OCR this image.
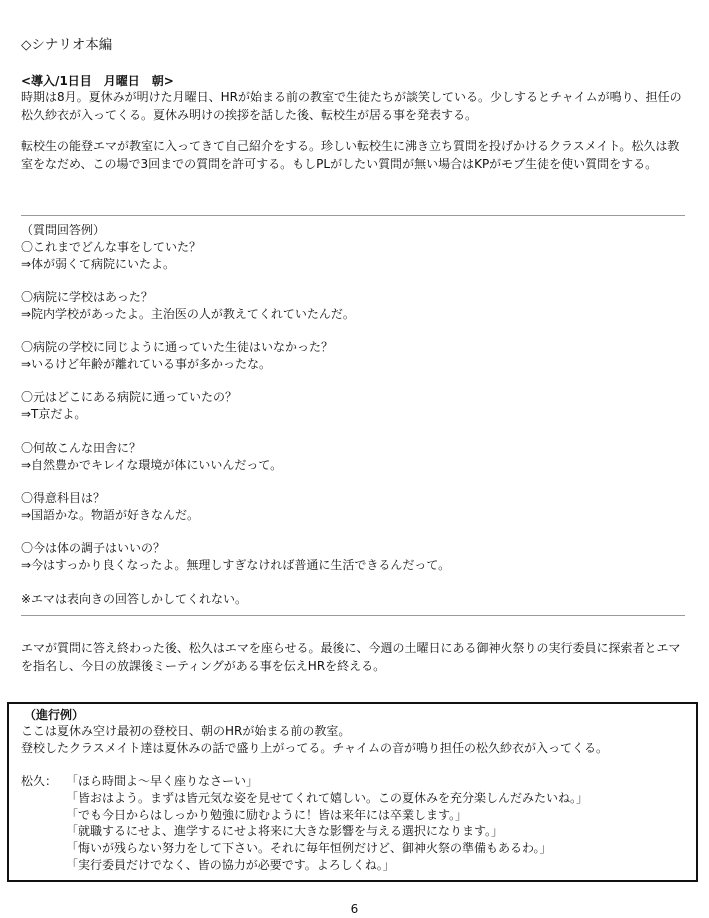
◇シナリオ本編
<導入/1日目　月曜日　朝>
時期は8月。夏休みが明けた月曜日、HRが始まる前の教室で生徒たちが談笑している。少しするとチャイムが鳴り、担任の松久紗衣が入ってくる。夏休み明けの挨拶を話した後、転校生が居る事を発表する。
転校生の能登エマが教室に入ってきて自己紹介をする。珍しい転校生に沸き立ち質問を投げかけるクラスメイト。松久は教室をなだめ、この場で3回までの質問を許可する。もしPLがしたい質問が無い場合はKPがモブ生徒を使い質問をする。
（質問回答例）
〇これまでどんな事をしていた？
⇒体が弱くて病院にいたよ。
〇病院に学校はあった？
⇒院内学校があったよ。主治医の人が教えてくれていたんだ。
〇病院の学校に同じように通っていた生徒はいなかった？
⇒いるけど年齢が離れている事が多かったな。
〇元はどこにある病院に通っていたの？
⇒T京だよ。
〇何故こんな田舎に？
⇒自然豊かでキレイな環境が体にいいんだって。
〇得意科目は？
⇒国語かな。物語が好きなんだ。
〇今は体の調子はいいの？
⇒今はすっかり良くなったよ。無理しすぎなければ普通に生活できるんだって。
※エマは表向きの回答しかしてくれない。
エマが質問に答え終わった後、松久はエマを座らせる。最後に、今週の土曜日にある御神火祭りの実行委員に探索者とエマを指名し、今日の放課後ミーティングがある事を伝えHRを終える。
（進行例）
ここは夏休み空け最初の登校日、朝のHRが始まる前の教室。
登校したクラスメイト達は夏休みの話で盛り上がってる。チャイムの音が鳴り担任の松久紗衣が入ってくる。
松久： 「ほら時間よ～早く座りなさーい」
「皆おはよう。まずは皆元気な姿を見せてくれて嬉しい。この夏休みを充分楽しんだみたいね。」
「でも今日からはしっかり勉強に励むように！皆は来年には卒業します。」
「就職するにせよ、進学するにせよ将来に大きな影響を与える選択になります。」
「悔いが残らない努力をして下さい。それに毎年恒例だけど、御神火祭の準備もあるわ。」
「実行委員だけでなく、皆の協力が必要です。よろしくね。」
6
